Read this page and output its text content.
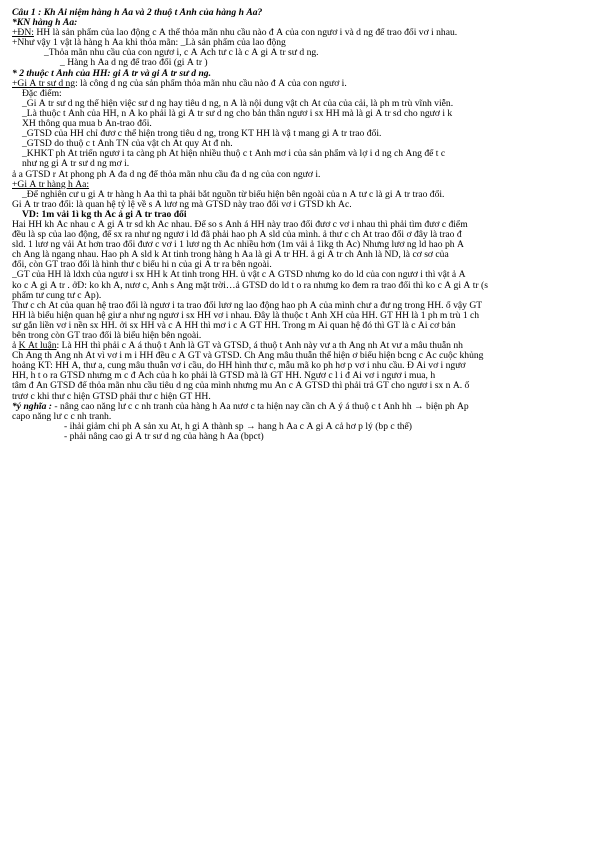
Câu 1 : Kh Ãi niệm hàng h Ãa và 2 thuộ t Ãnh của hàng h Ãa?
*KN hàng h Ãa:
+ĐN: HH là sản phẩm của lao động c Ã thể thỏa mãn nhu cầu nào đ Ã của con ngươ i và d ng để trao đổi vơ i nhau.
+Như vậy 1 vật là hàng h Ãa khi thỏa mãn: _Là sản phẩm của lao động
_Thỏa mãn nhu cầu của con ngươ i, c Ã Ãch tư c là c Ã gi Ã tr sư d ng.
_ Hàng h Ãa d ng để trao đổi (gi Ã tr )
* 2 thuộc t Ãnh của HH: gi Ã tr và gi Ã tr sư d ng.
+Gi Ã tr sư d ng: là công d ng của sản phẩm thỏa mãn nhu cầu nào đ Ã của con ngươ i.
Đặc điểm:
_Gi Ã tr sư d ng thể hiện việc sư d ng hay tiêu d ng, n Ã là nội dung vật ch Ãt của của cải, là ph m trù vĩnh viễn.
_Là thuộc t Ãnh của HH, n Ã ko phải là gi Ã tr sư d ng cho bản thân ngươ i sx HH mà là gi Ã tr sd cho ngươ i k
XH thông qua mua b Ãn-trao đổi.
_GTSD của HH chỉ đươ c thể hiện trong tiêu d ng, trong KT HH là vậ t mang gi Ã tr trao đổi.
_GTSD do thuộ c t Ãnh TN của vật ch Ãt quy Ãt đ nh.
_KHKT ph Ãt triển ngươ i ta càng ph Ãt hiện nhiều thuộ c t Ãnh mơ i của sản phẩm và lợ i d ng ch Ãng để t c
như ng gi Ã tr sư d ng mơ i.
ả a GTSD r Ãt phong ph Ã đa d ng để thỏa mãn nhu cầu đa d ng của con ngươ i.
+Gi Ã tr hàng h Ãa:
_Để nghiên cư u gi Ã tr hàng h Ãa thì ta phải bắt nguồn từ biểu hiện bên ngoài của n Ã tư c là gi Ã tr trao đổi.
Gi Ã tr trao đổi: là quan hệ tỷ lệ về s Ã lươ ng mà GTSD này trao đổi vơ i GTSD kh Ãc.
VD: 1m vải 1ì kg th Ãc ả gi Ã tr trao đổi
Hai HH kh Ãc nhau c Ã gi Ã tr sd kh Ãc nhau. Để so s Ãnh á HH này trao đổi đươ c vơ i nhau thì phải tìm đươ c điểm
đều là sp của lao động, để sx ra như ng ngươ i ld đã phải hao ph Ã sld của mình. ả thư c ch Ãt trao đổi ơ đây là trao đ
sld. 1 lươ ng vải Ãt hơn trao đổi đươ c vơ i 1 lươ ng th Ãc nhiều hơn (1m vải ả 1ìkg th Ãc) Nhưng lươ ng ld hao ph Ã
ch Ãng là ngang nhau. Hao ph Ã sld k Ãt tinh trong hàng h Ãa là gi Ã tr HH. ả gi Ã tr ch Ãnh là ND, là cơ sơ của
đổi, còn GT trao đổi là hình thư c biểu hi n của gi Ã tr ra bên ngoài.
_GT của HH là ldxh của ngươ i sx HH k Ãt tinh trong HH. ủ vật c Ã GTSD nhưng ko do ld của con ngươ i thì vật ả Ã
ko c Ã gi Ã tr . ởD: ko kh Ã, nươ c, Ãnh s Ãng mặt trời…ả GTSD do ld t o ra nhưng ko đem ra trao đổi thì ko c Ã gi Ã tr (s
phẩm tư cung tư c Ãp).
Thư c ch Ãt của quan hệ trao đổi là ngươ i ta trao đổi lươ ng lao động hao ph Ã của mình chư a đư ng trong HH. ổ vậy GT
HH là biểu hiện quan hệ giư a như ng ngươ i sx HH vơ i nhau. Đây là thuộc t Ãnh XH của HH. GT HH là 1 ph m trù 1 ch
sư gắn liền vơ i nền sx HH. ởi sx HH và c Ã HH thì mơ i c Ã GT HH. Trong m Ãi quan hệ đó thì GT là c Ãi cơ bản
bên trong còn GT trao đổi là biểu hiện bên ngoài.
ả K Ãt luận: Là HH thì phải c Ã á thuộ t Ãnh là GT và GTSD, á thuộ t Ãnh này vư a th Ãng nh Ãt vư a mâu thuẫn nh
Ch Ãng th Ãng nh Ãt vì vơ i m i HH đều c Ã GT và GTSD. Ch Ãng mâu thuẫn thể hiện ơ biểu hiện bcng c Ãc cuộc khủng
hoảng KT: HH Ã, thư a, cung mâu thuẫn vơ i cầu, do HH hình thư c, mẫu mã ko ph hơ p vơ i nhu cầu. Đ Ãi vơ i ngươ
HH, h t o ra GTSD nhưng m c đ Ãch của h ko phải là GTSD mà là GT HH. Ngươ c l i đ Ãi vơ i ngươ i mua, h
tâm đ Ãn GTSD để thỏa mãn nhu cầu tiêu d ng của mình nhưng mu Ãn c Ã GTSD thì phải trả GT cho ngươ i sx n Ã. ố
trươ c khi thư c hiện GTSD phải thư c hiện GT HH.
*ý nghĩa : - nâng cao năng lư c c nh tranh của hàng h Ãa nươ c ta hiện nay cần ch Ã ý á thuộ c t Ãnh hh → biện ph Ãp
capo năng lư c c nh tranh.
- ihải giảm chi ph Ã sản xu Ãt, h gi Ã thành sp → hang h Ãa c Ã gi Ã cả hơ p lý (bp c thể)
- phải nâng cao gi Ã tr sư d ng của hàng h Ãa (bpct)
